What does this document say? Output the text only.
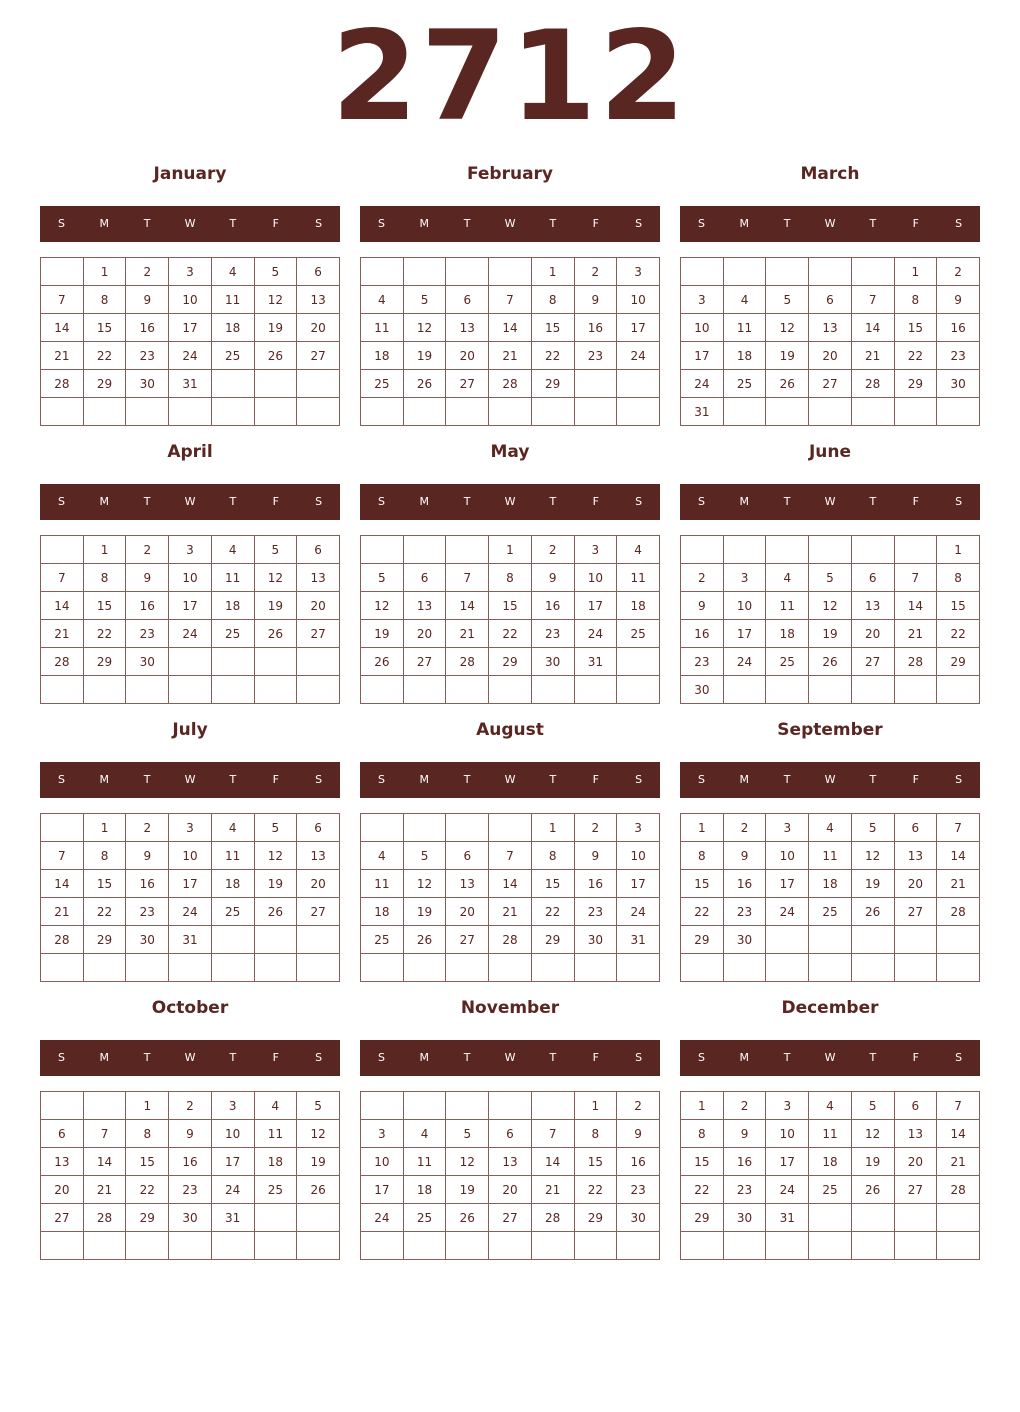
2712
January
S	M	T	W	T	F	S
	1	2	3	4	5	6
7	8	9	10	11	12	13
14	15	16	17	18	19	20
21	22	23	24	25	26	27
28	29	30	31			

February
S	M	T	W	T	F	S
				1	2	3
4	5	6	7	8	9	10
11	12	13	14	15	16	17
18	19	20	21	22	23	24
25	26	27	28	29		

March
S	M	T	W	T	F	S
					1	2
3	4	5	6	7	8	9
10	11	12	13	14	15	16
17	18	19	20	21	22	23
24	25	26	27	28	29	30
31						
April
S	M	T	W	T	F	S
	1	2	3	4	5	6
7	8	9	10	11	12	13
14	15	16	17	18	19	20
21	22	23	24	25	26	27
28	29	30				

May
S	M	T	W	T	F	S
			1	2	3	4
5	6	7	8	9	10	11
12	13	14	15	16	17	18
19	20	21	22	23	24	25
26	27	28	29	30	31	

June
S	M	T	W	T	F	S
						1
2	3	4	5	6	7	8
9	10	11	12	13	14	15
16	17	18	19	20	21	22
23	24	25	26	27	28	29
30						
July
S	M	T	W	T	F	S
	1	2	3	4	5	6
7	8	9	10	11	12	13
14	15	16	17	18	19	20
21	22	23	24	25	26	27
28	29	30	31			

August
S	M	T	W	T	F	S
				1	2	3
4	5	6	7	8	9	10
11	12	13	14	15	16	17
18	19	20	21	22	23	24
25	26	27	28	29	30	31

September
S	M	T	W	T	F	S
1	2	3	4	5	6	7
8	9	10	11	12	13	14
15	16	17	18	19	20	21
22	23	24	25	26	27	28
29	30					

October
S	M	T	W	T	F	S
		1	2	3	4	5
6	7	8	9	10	11	12
13	14	15	16	17	18	19
20	21	22	23	24	25	26
27	28	29	30	31		

November
S	M	T	W	T	F	S
					1	2
3	4	5	6	7	8	9
10	11	12	13	14	15	16
17	18	19	20	21	22	23
24	25	26	27	28	29	30

December
S	M	T	W	T	F	S
1	2	3	4	5	6	7
8	9	10	11	12	13	14
15	16	17	18	19	20	21
22	23	24	25	26	27	28
29	30	31				
